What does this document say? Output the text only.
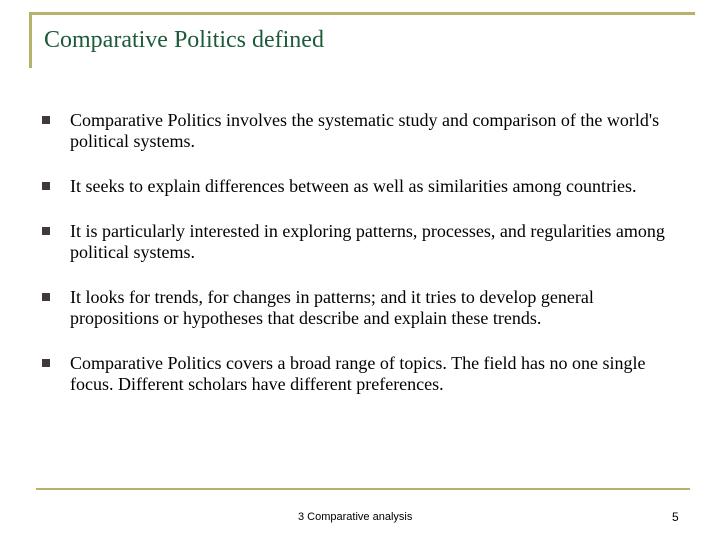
Comparative Politics defined
Comparative Politics involves the systematic study and comparison of the world's political systems.
It seeks to explain differences between as well as similarities among countries.
It is particularly interested in exploring patterns, processes, and regularities among political systems.
It looks for trends, for changes in patterns; and it tries to develop general propositions or hypotheses that describe and explain these trends.
Comparative Politics covers a broad range of topics. The field has no one single focus. Different scholars have different preferences.
3 Comparative analysis	5
